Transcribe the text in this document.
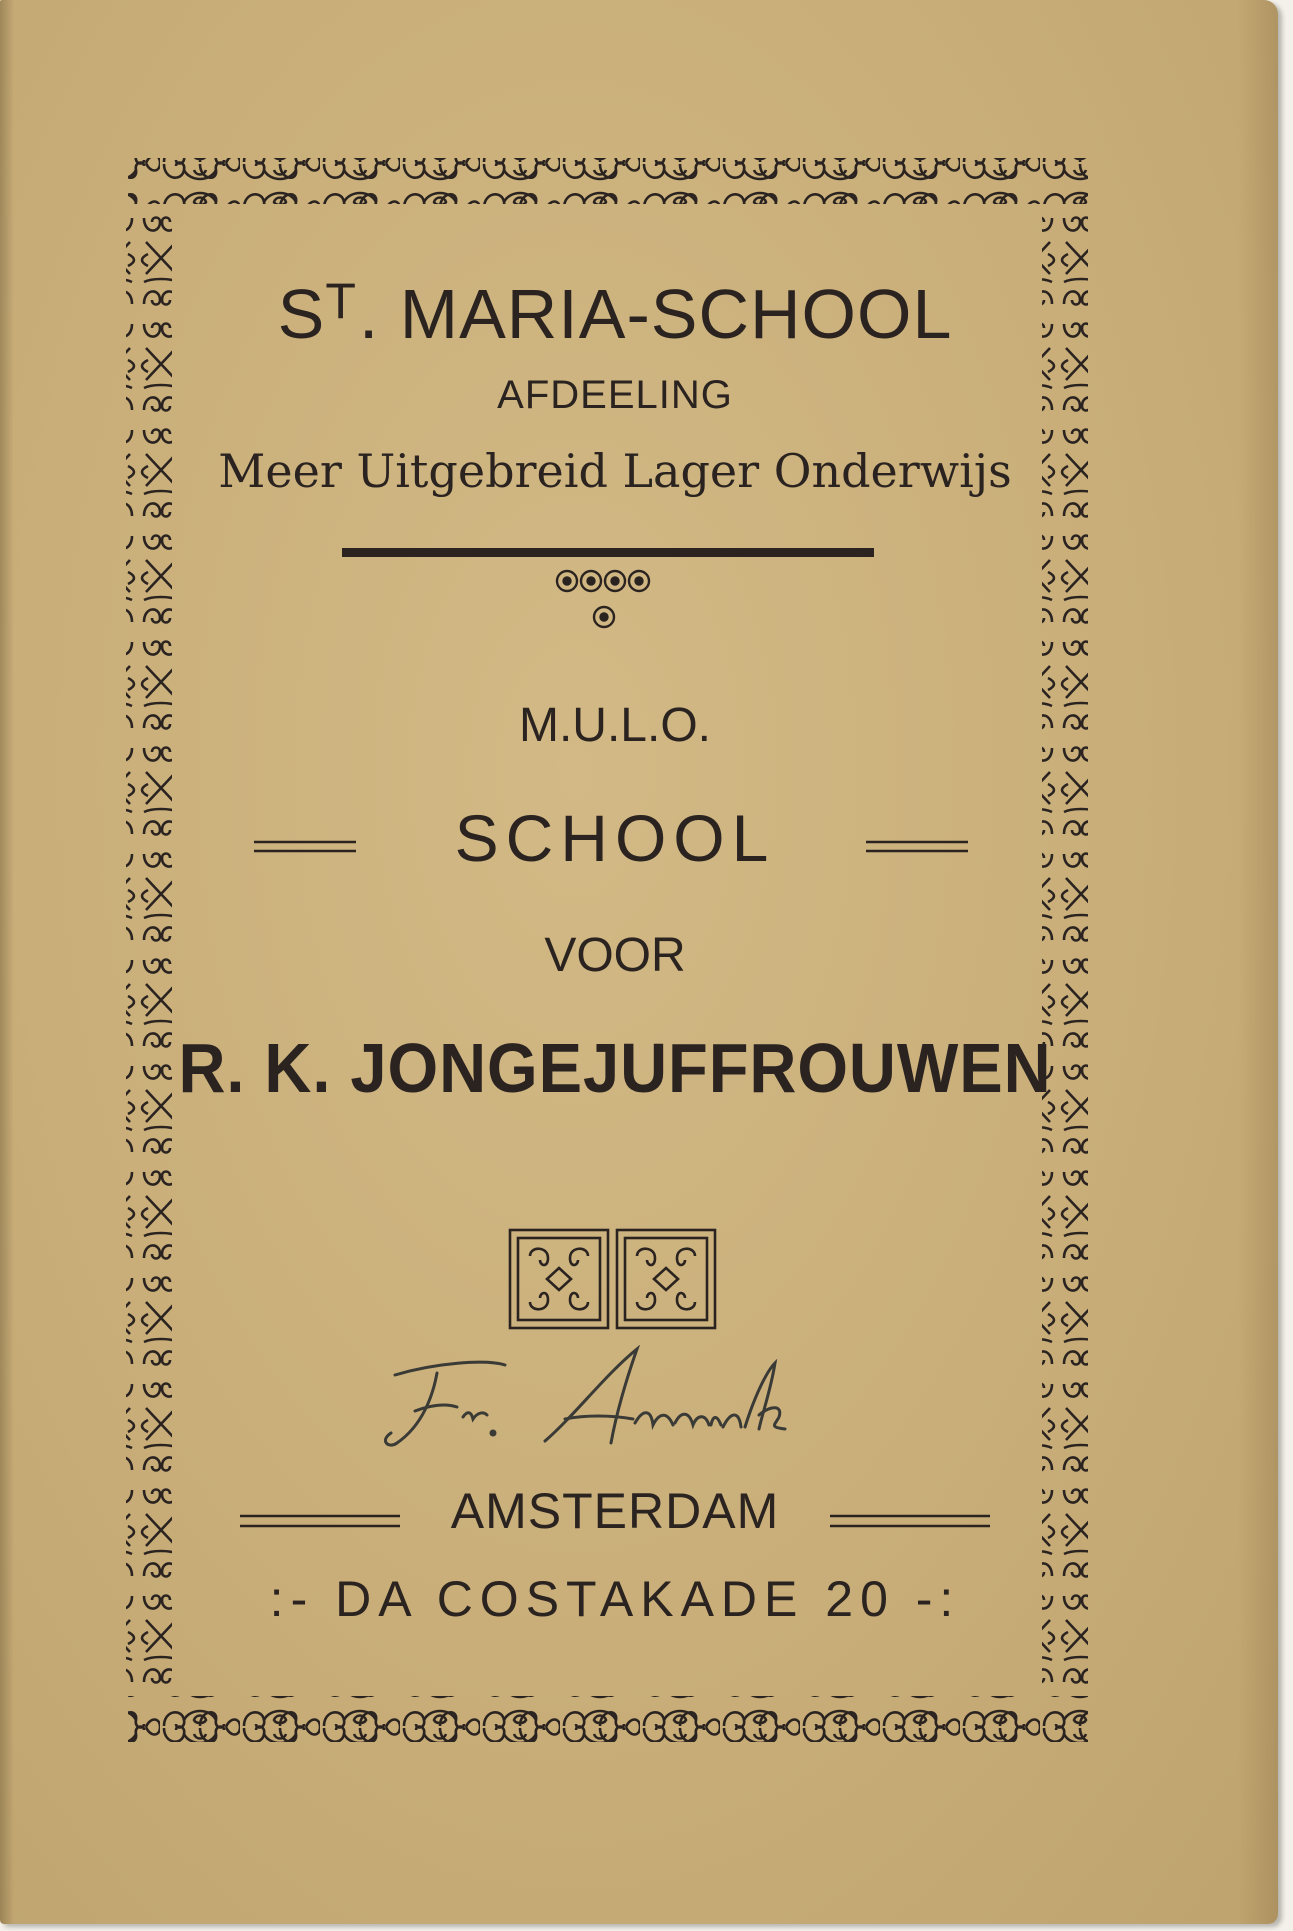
$S^T$. MARIA-SCHOOL
AFDEELING
Meer Uitgebreid Lager Onderwijs
M.U.L.O.
SCHOOL
VOOR
R. K. JONGEJUFFROUWEN
AMSTERDAM
:- DA COSTAKADE 20 -:
